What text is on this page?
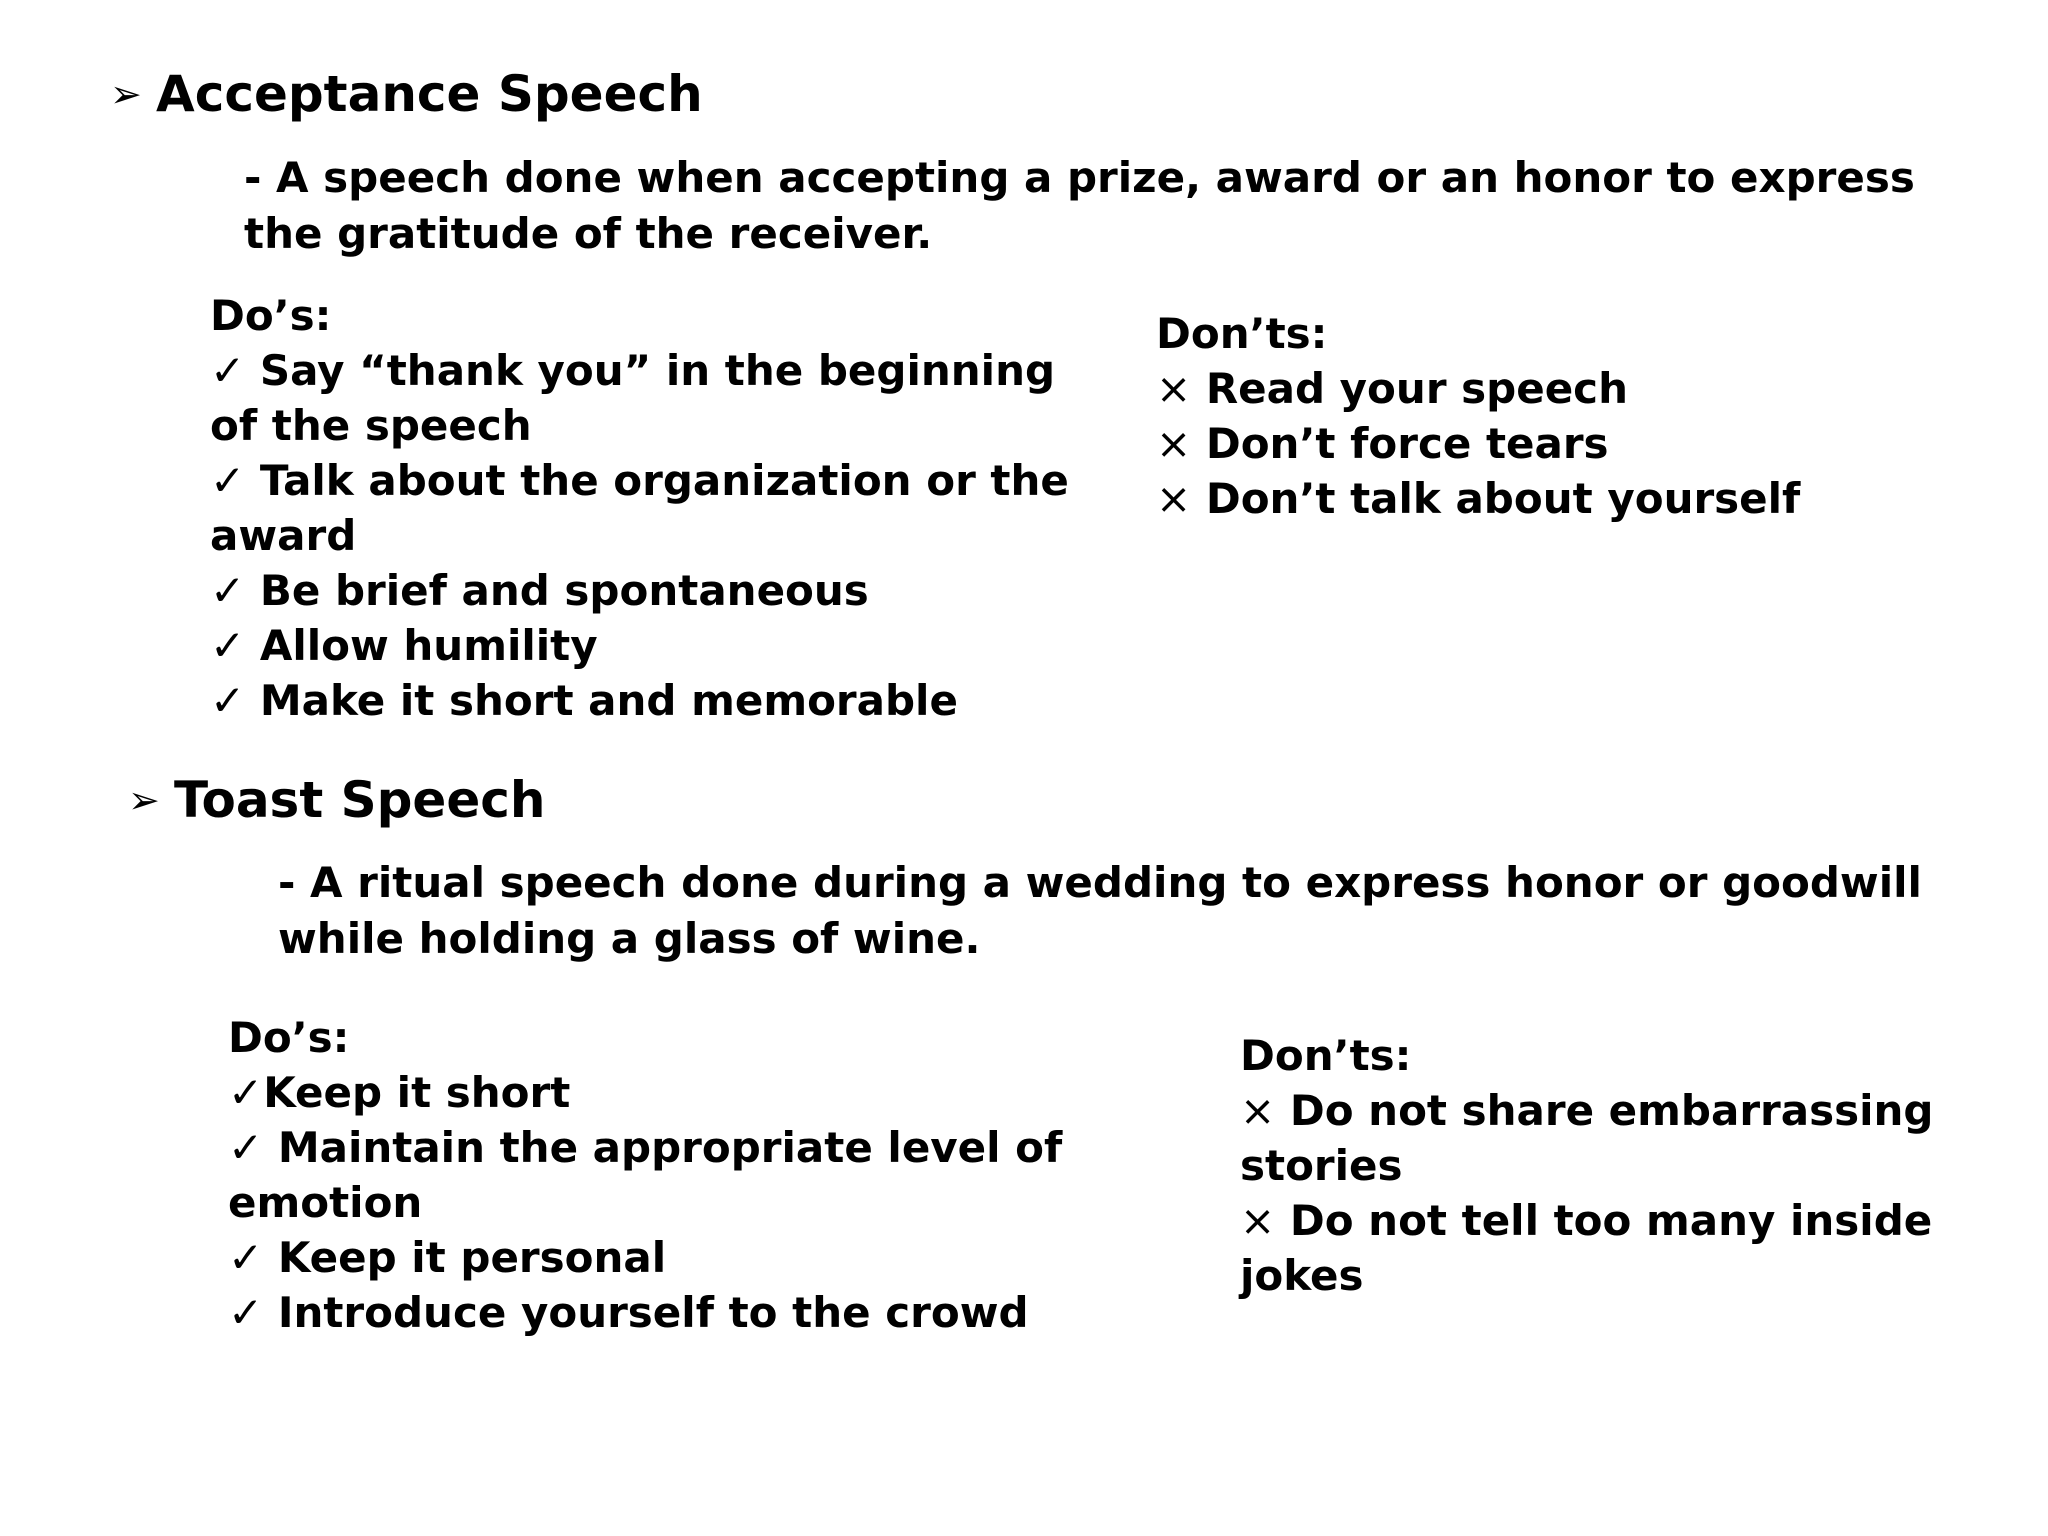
➢ Acceptance Speech
- A speech done when accepting a prize, award or an honor to express the gratitude of the receiver.
Do’s:
✓ Say “thank you” in the beginning of the speech
✓ Talk about the organization or the award
✓ Be brief and spontaneous
✓ Allow humility
✓ Make it short and memorable
Don’ts:
× Read your speech
× Don’t force tears
× Don’t talk about yourself
➢ Toast Speech
- A ritual speech done during a wedding to express honor or goodwill while holding a glass of wine.
Do’s:
✓Keep it short
✓ Maintain the appropriate level of emotion
✓ Keep it personal
✓ Introduce yourself to the crowd
Don’ts:
× Do not share embarrassing stories
× Do not tell too many inside jokes
